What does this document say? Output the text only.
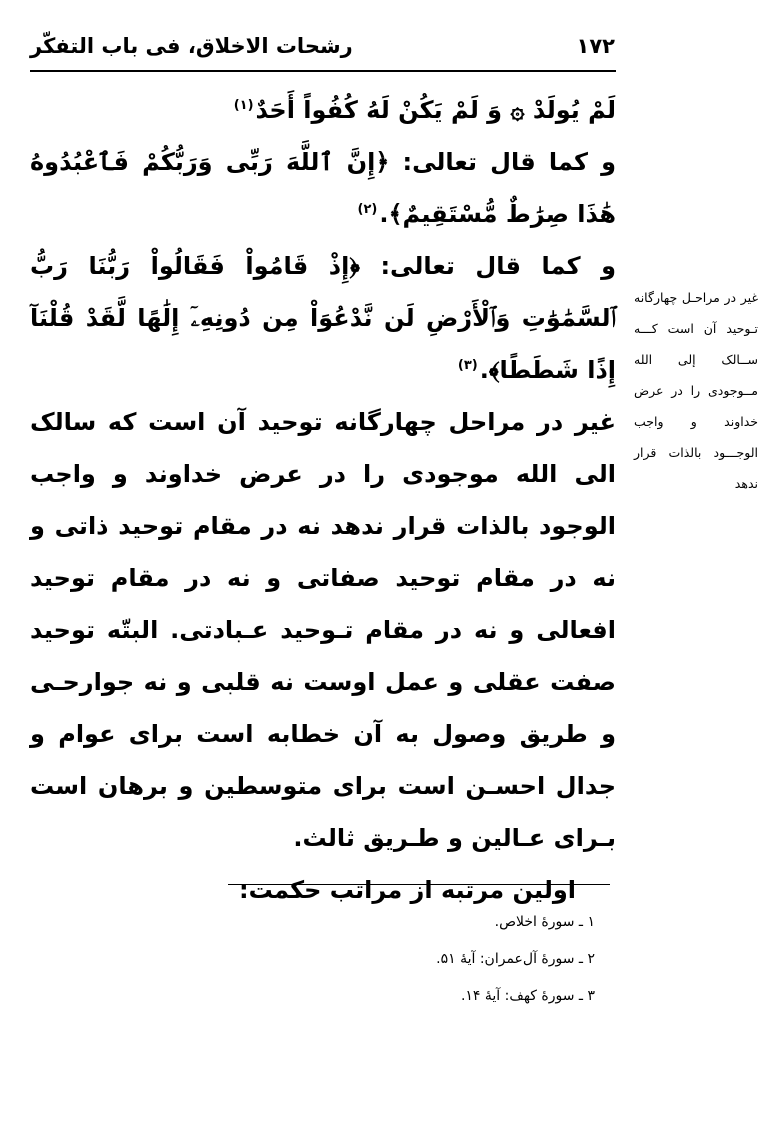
۱۷۲
رشحات الاخلاق، فی باب التفکّر

لَمْ يُولَدْ ۞ وَ لَمْ يَكُنْ لَهُ كُفُواً أَحَدٌ$^{(۱)}$

و کما قال تعالی: ﴿إِنَّ ٱللَّهَ رَبِّی وَرَبُّكُمْ فَٱعْبُدُوهُ هَٰذَا صِرَٰطٌ مُّسْتَقِيمٌ﴾.$^{(۲)}$

و کما قال تعالی: ﴿إِذْ قَامُواْ فَقَالُواْ رَبُّنَا رَبُّ ٱلسَّمَٰوَٰتِ وَٱلْأَرْضِ لَن نَّدْعُوَاْ مِن دُونِهِۦٓ إِلَٰهًا لَّقَدْ قُلْنَآ إِذًا شَطَطًا﴾.$^{(۳)}$

غیر در مراحل چهارگانه توحید آن است که سالک الی الله موجودی را در عرض خداوند و واجب الوجود بالذات قرار ندهد نه در مقام توحید ذاتی و نه در مقام توحید صفاتی و نه در مقام توحید افعالی و نه در مقام تـوحید عـبادتی. البتّه توحید صفت عقلی و عمل اوست نه قلبی و نه جوارحـی و طریق وصول به آن خطابه است برای عوام و جدال احسـن است برای متوسطین و برهان است بـرای عـالین و طـریق ثالث.

اولین مرتبه از مراتب حکمت:

غیر در مراحـل چهارگانه تـوحید آن است کـــه ســالک إلی الله مــوجودی را در عرض خداوند و واجب الوجـــود بالذات قرار ندهد
۱ ـ سورهٔ اخلاص.
۲ ـ سورهٔ آل‌عمران: آیهٔ ۵۱.
۳ ـ سورهٔ کهف: آیهٔ ۱۴.
